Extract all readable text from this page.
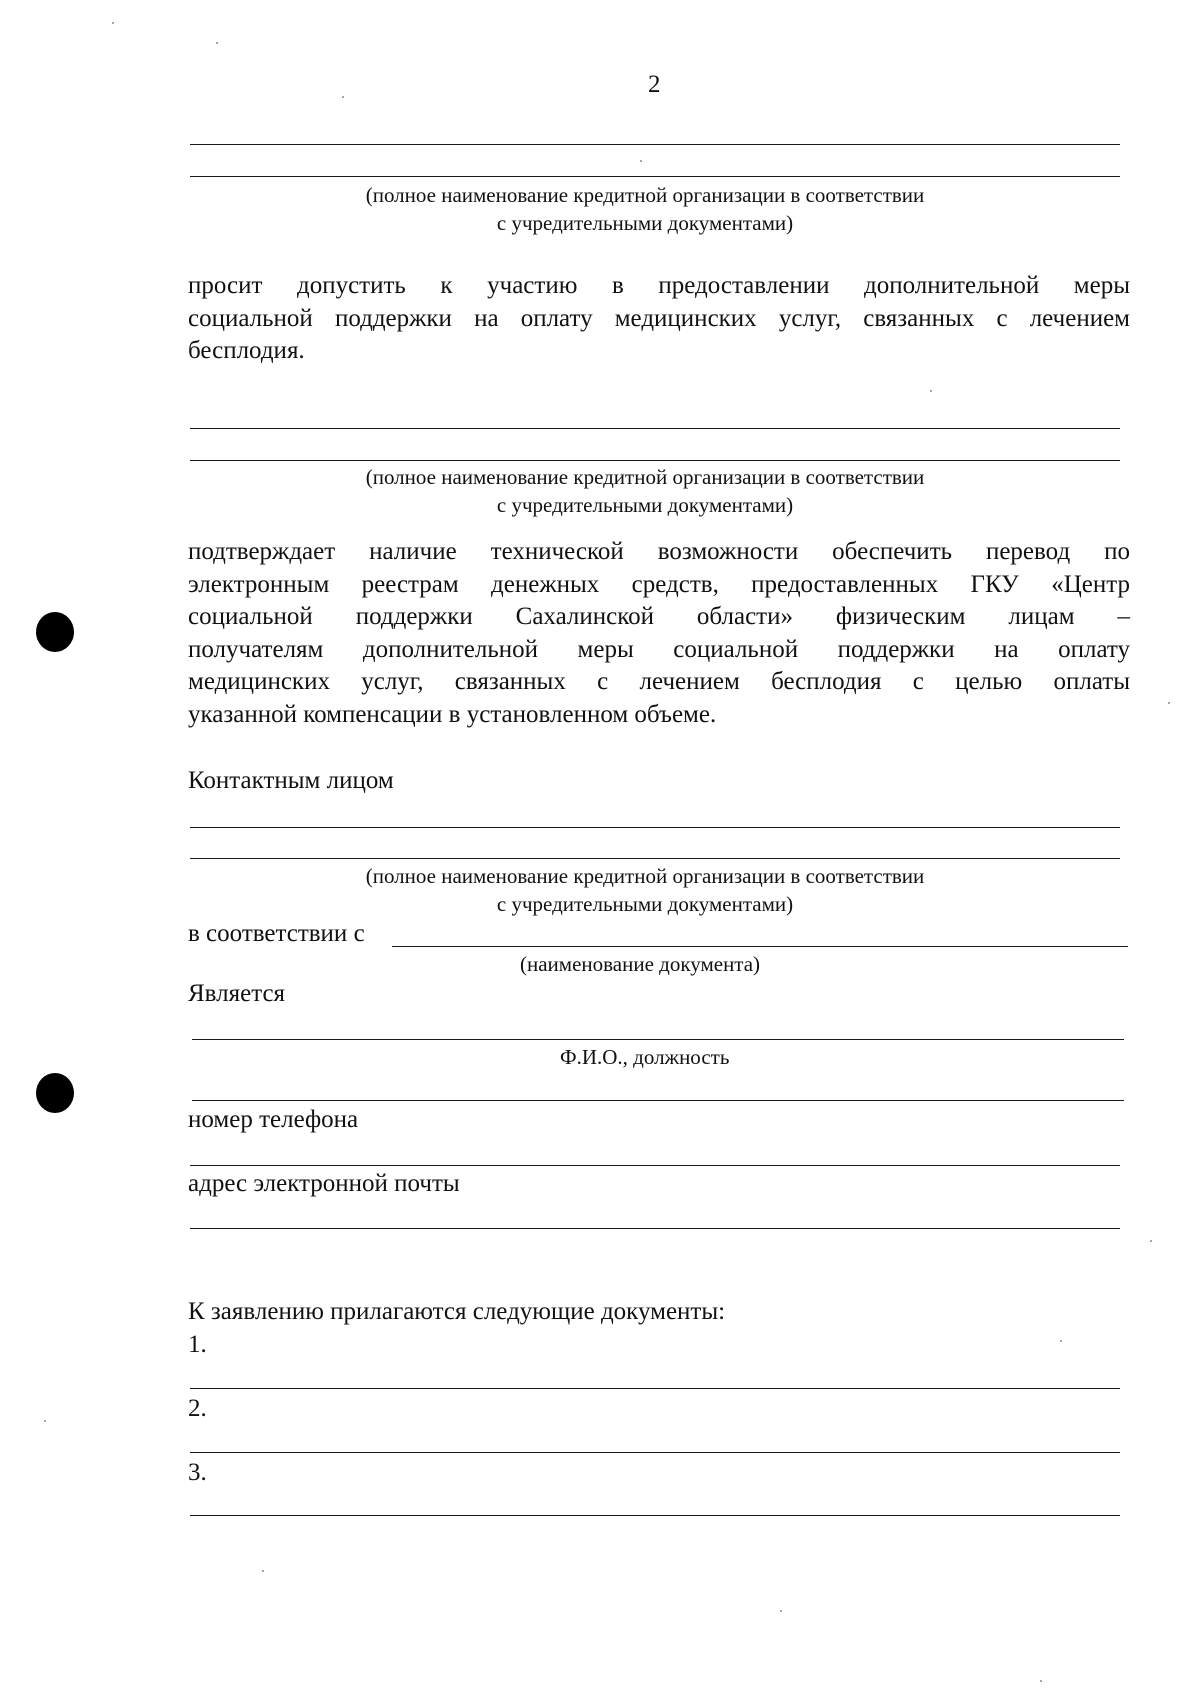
2
(полное наименование кредитной организации в соответствии
с учредительными документами)
просит допустить к участию в предоставлении дополнительной меры
социальной поддержки на оплату медицинских услуг, связанных с лечением
бесплодия.
(полное наименование кредитной организации в соответствии
с учредительными документами)
подтверждает наличие технической возможности обеспечить перевод по
электронным реестрам денежных средств, предоставленных ГКУ «Центр
социальной поддержки Сахалинской области» физическим лицам –
получателям дополнительной меры социальной поддержки на оплату
медицинских услуг, связанных с лечением бесплодия с целью оплаты
указанной компенсации в установленном объеме.
Контактным лицом
(полное наименование кредитной организации в соответствии
с учредительными документами)
в соответствии с
(наименование документа)
Является
Ф.И.О., должность
номер телефона
адрес электронной почты
К заявлению прилагаются следующие документы:
1.
2.
3.
